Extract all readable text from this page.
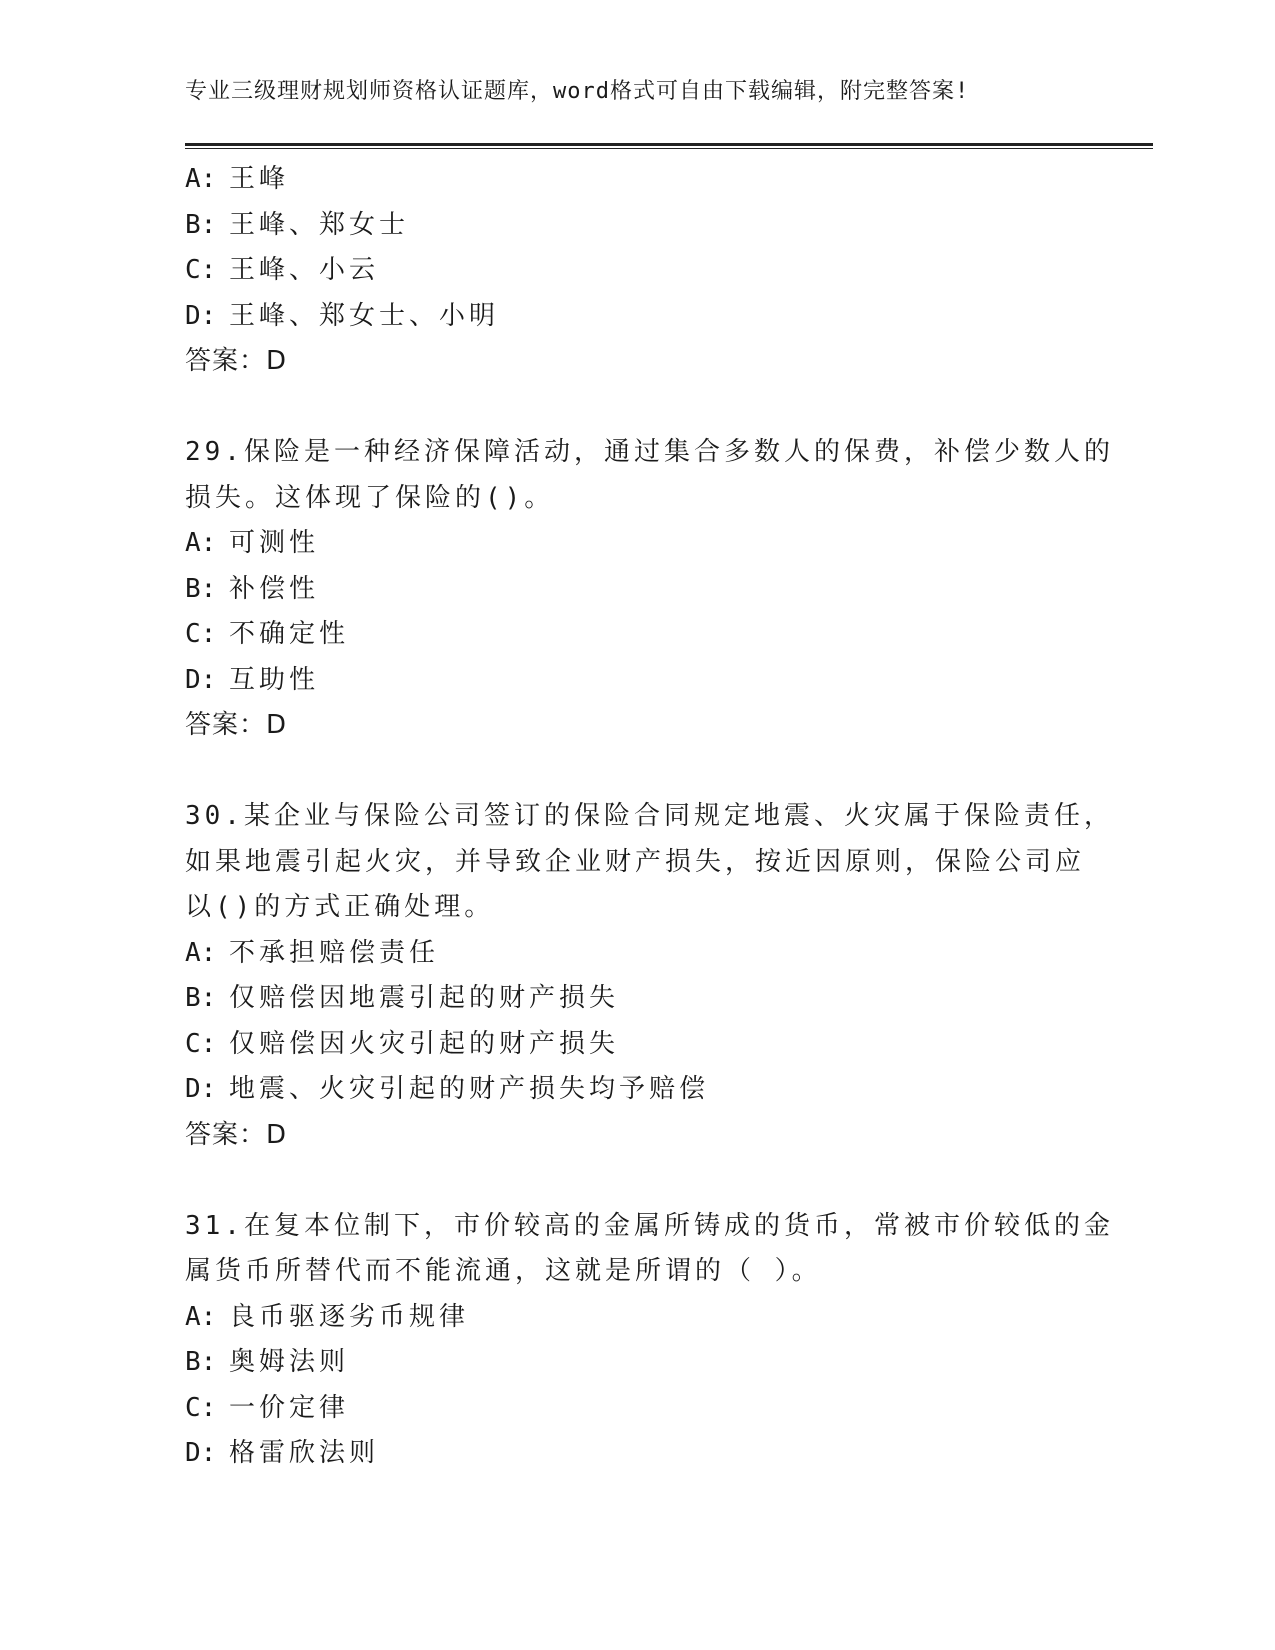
专业三级理财规划师资格认证题库，word格式可自由下载编辑，附完整答案!
A: 王峰
B: 王峰、郑女士
C: 王峰、小云
D: 王峰、郑女士、小明
答案：D
29.保险是一种经济保障活动，通过集合多数人的保费，补偿少数人的
损失。这体现了保险的()。
A: 可测性
B: 补偿性
C: 不确定性
D: 互助性
答案：D
30.某企业与保险公司签订的保险合同规定地震、火灾属于保险责任，
如果地震引起火灾，并导致企业财产损失，按近因原则，保险公司应
以()的方式正确处理。
A: 不承担赔偿责任
B: 仅赔偿因地震引起的财产损失
C: 仅赔偿因火灾引起的财产损失
D: 地震、火灾引起的财产损失均予赔偿
答案：D
31.在复本位制下，市价较高的金属所铸成的货币，常被市价较低的金
属货币所替代而不能流通，这就是所谓的（ ）。
A: 良币驱逐劣币规律
B: 奥姆法则
C: 一价定律
D: 格雷欣法则
